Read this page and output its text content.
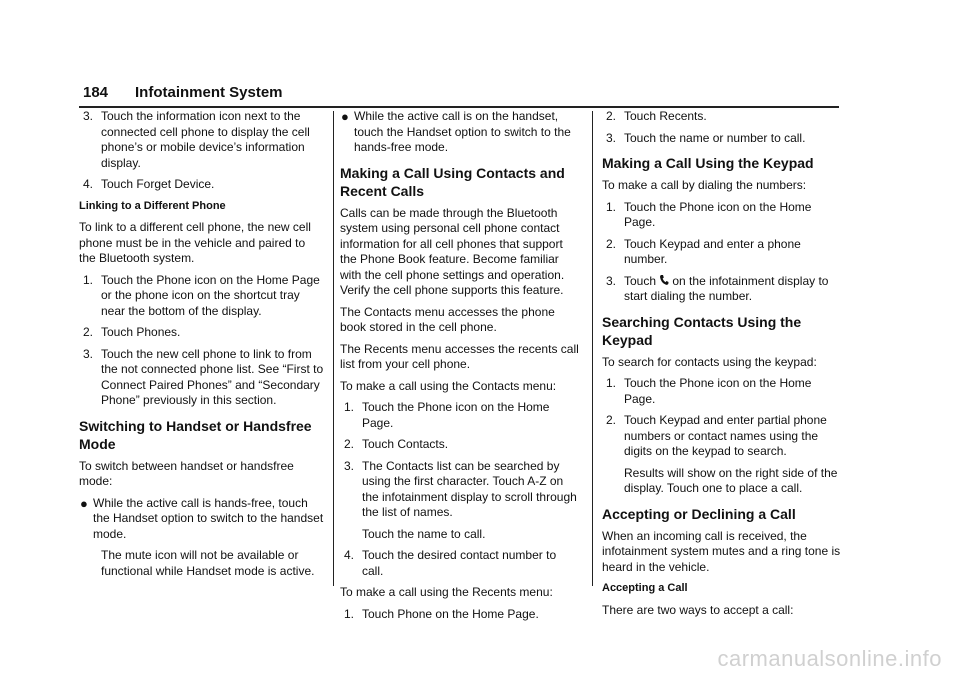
184 Infotainment System
3. Touch the information icon next to the connected cell phone to display the cell phone’s or mobile device’s information display.
4. Touch Forget Device.
Linking to a Different Phone

To link to a different cell phone, the new cell phone must be in the vehicle and paired to the Bluetooth system.

1. Touch the Phone icon on the Home Page or the phone icon on the shortcut tray near the bottom of the display.
2. Touch Phones.
3. Touch the new cell phone to link to from the not connected phone list. See “First to Connect Paired Phones” and “Secondary Phone” previously in this section.
Switching to Handset or Handsfree Mode

To switch between handset or handsfree mode:

● While the active call is hands-free, touch the Handset option to switch to the handset mode.
The mute icon will not be available or functional while Handset mode is active.
● While the active call is on the handset, touch the Handset option to switch to the hands-free mode.
Making a Call Using Contacts and Recent Calls

Calls can be made through the Bluetooth system using personal cell phone contact information for all cell phones that support the Phone Book feature. Become familiar with the cell phone settings and operation. Verify the cell phone supports this feature.

The Contacts menu accesses the phone book stored in the cell phone.

The Recents menu accesses the recents call list from your cell phone.

To make a call using the Contacts menu:

1. Touch the Phone icon on the Home Page.
2. Touch Contacts.
3. The Contacts list can be searched by using the first character. Touch A-Z on the infotainment display to scroll through the list of names.
Touch the name to call.
4. Touch the desired contact number to call.

To make a call using the Recents menu:

1. Touch Phone on the Home Page.
2. Touch Recents.
3. Touch the name or number to call.
Making a Call Using the Keypad

To make a call by dialing the numbers:

1. Touch the Phone icon on the Home Page.
2. Touch Keypad and enter a phone number.
3. Touch on the infotainment display to start dialing the number.
Searching Contacts Using the Keypad

To search for contacts using the keypad:

1. Touch the Phone icon on the Home Page.
2. Touch Keypad and enter partial phone numbers or contact names using the digits on the keypad to search.
Results will show on the right side of the display. Touch one to place a call.
Accepting or Declining a Call

When an incoming call is received, the infotainment system mutes and a ring tone is heard in the vehicle.

Accepting a Call

There are two ways to accept a call:

carmanualsonline.info
